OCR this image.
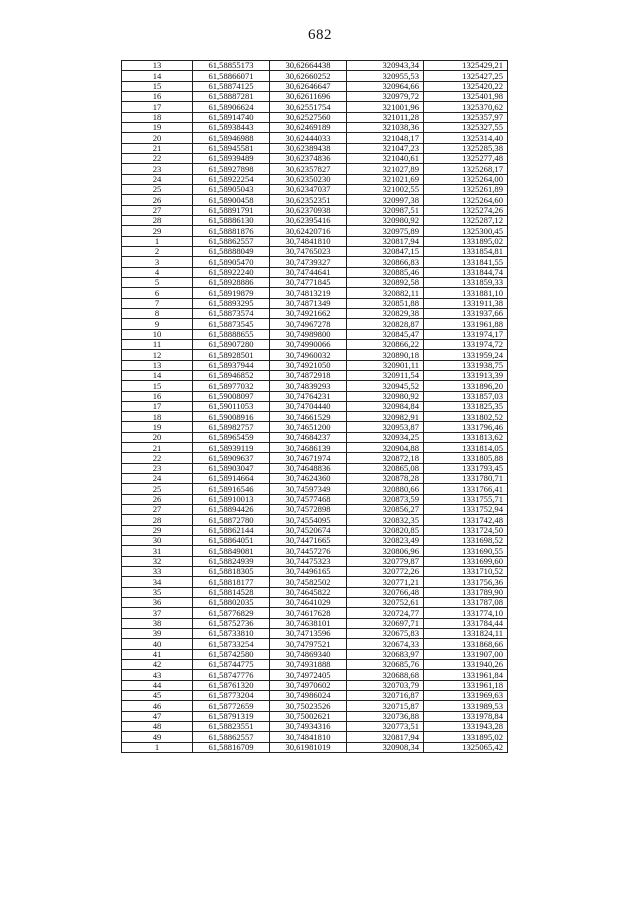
682
13	61,58855173	30,62664438	320943,34	1325429,21
14	61,58866071	30,62660252	320955,53	1325427,25
15	61,58874125	30,62646647	320964,66	1325420,22
16	61,58887281	30,62611696	320979,72	1325401,98
17	61,58906624	30,62551754	321001,96	1325370,62
18	61,58914740	30,62527560	321011,28	1325357,97
19	61,58938443	30,62469189	321038,36	1325327,55
20	61,58946988	30,62444033	321048,17	1325314,40
21	61,58945581	30,62389438	321047,23	1325285,38
22	61,58939489	30,62374836	321040,61	1325277,48
23	61,58927898	30,62357827	321027,89	1325268,17
24	61,58922254	30,62350230	321021,69	1325264,00
25	61,58905043	30,62347037	321002,55	1325261,89
26	61,58900458	30,62352351	320997,38	1325264,60
27	61,58891791	30,62370938	320987,51	1325274,26
28	61,58886130	30,62395416	320980,92	1325287,12
29	61,58881876	30,62420716	320975,89	1325300,45
1	61,58862557	30,74841810	320817,94	1331895,02
2	61,58888049	30,74765023	320847,15	1331854,81
3	61,58905470	30,74739327	320866,83	1331841,55
4	61,58922240	30,74744641	320885,46	1331844,74
5	61,58928886	30,74771845	320892,58	1331859,33
6	61,58919879	30,74813219	320882,11	1331881,10
7	61,58893295	30,74871349	320851,88	1331911,38
8	61,58873574	30,74921662	320829,38	1331937,66
9	61,58873545	30,74967278	320828,87	1331961,88
10	61,58888655	30,74989800	320845,47	1331974,17
11	61,58907280	30,74990066	320866,22	1331974,72
12	61,58928501	30,74960032	320890,18	1331959,24
13	61,58937944	30,74921050	320901,11	1331938,75
14	61,58946852	30,74872918	320911,54	1331913,39
15	61,58977032	30,74839293	320945,52	1331896,20
16	61,59008097	30,74764231	320980,92	1331857,03
17	61,59011053	30,74704440	320984,84	1331825,35
18	61,59008916	30,74661529	320982,91	1331802,52
19	61,58982757	30,74651200	320953,87	1331796,46
20	61,58965459	30,74684237	320934,25	1331813,62
21	61,58939119	30,74686139	320904,88	1331814,05
22	61,58909637	30,74671974	320872,18	1331805,88
23	61,58903047	30,74648836	320865,08	1331793,45
24	61,58914664	30,74624360	320878,28	1331780,71
25	61,58916546	30,74597349	320880,66	1331766,41
26	61,58910013	30,74577468	320873,59	1331755,71
27	61,58894426	30,74572898	320856,27	1331752,94
28	61,58872780	30,74554095	320832,35	1331742,48
29	61,58862144	30,74520674	320820,85	1331724,50
30	61,58864051	30,74471665	320823,49	1331698,52
31	61,58849081	30,74457276	320806,96	1331690,55
32	61,58824939	30,74475323	320779,87	1331699,60
33	61,58818305	30,74496165	320772,26	1331710,52
34	61,58818177	30,74582502	320771,21	1331756,36
35	61,58814528	30,74645822	320766,48	1331789,90
36	61,58802035	30,74641029	320752,61	1331787,08
37	61,58776829	30,74617628	320724,77	1331774,10
38	61,58752736	30,74638101	320697,71	1331784,44
39	61,58733810	30,74713596	320675,83	1331824,11
40	61,58733254	30,74797521	320674,33	1331868,66
41	61,58742580	30,74869340	320683,97	1331907,00
42	61,58744775	30,74931888	320685,76	1331940,26
43	61,58747776	30,74972405	320688,68	1331961,84
44	61,58761320	30,74970602	320703,79	1331961,18
45	61,58773204	30,74986024	320716,87	1331969,63
46	61,58772659	30,75023526	320715,87	1331989,53
47	61,58791319	30,75002621	320736,88	1331978,84
48	61,58823551	30,74934316	320773,51	1331943,28
49	61,58862557	30,74841810	320817,94	1331895,02
1	61,58816709	30,61981019	320908,34	1325065,42
